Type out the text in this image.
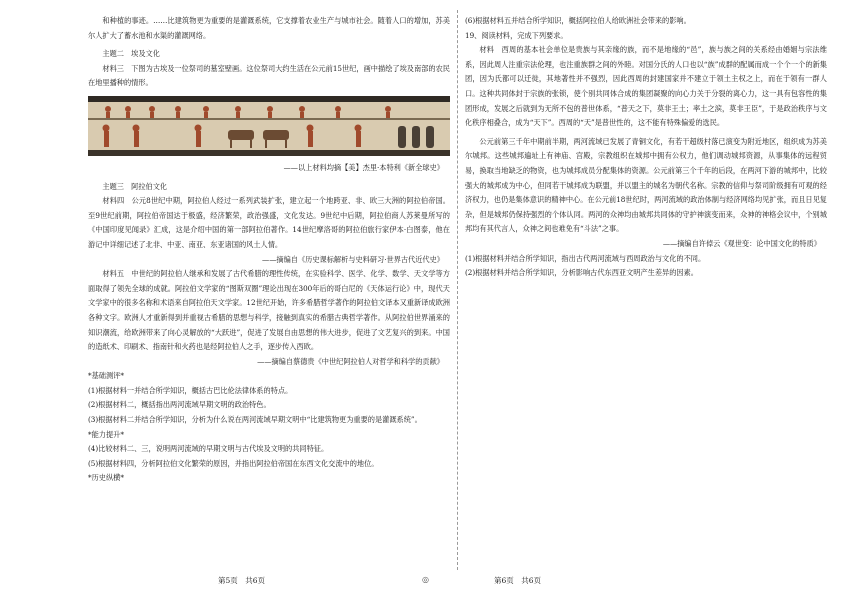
和种植的事迹。……比建筑物更为重要的是灌溉系统，它支撑着农业生产与城市社会。随着人口的增加，苏美尔人扩大了蓄水池和水渠的灌溉网络。

主题二　埃及文化

材料三　下图为古埃及一位祭司的墓室壁画。这位祭司大约生活在公元前15世纪，画中描绘了埃及南部的农民在地里播种的情形。

——以上材料均摘【美】杰里·本特利《新全球史》

主题三　阿拉伯文化

材料四　公元8世纪中期，阿拉伯人经过一系列武装扩张，建立起一个地跨亚、非、欧三大洲的阿拉伯帝国。至9世纪前期，阿拉伯帝国达于极盛，经济繁荣，政治强盛，文化发达。9世纪中后期，阿拉伯商人苏莱曼所写的《中国印度见闻录》汇成，这是介绍中国的第一部阿拉伯著作。14世纪摩洛哥的阿拉伯旅行家伊本·白图泰，他在游记中详细记述了北非、中亚、南亚、东亚诸国的风土人情。

——摘编自《历史课标解析与史料研习·世界古代近代史》

材料五　中世纪的阿拉伯人继承和发展了古代希腊的理性传统，在实验科学、医学、化学、数学、天文学等方面取得了领先全球的成就。阿拉伯文学家的“图斯双圈”理论出现在300年后的哥白尼的《天体运行论》中，现代天文学家中的很多名称和术语来自阿拉伯天文学家。12世纪开始，许多希腊哲学著作的阿拉伯文译本又重新译成欧洲各种文字。欧洲人才重新得到并重视古希腊的思想与科学，接触到真实的希腊古典哲学著作。从阿拉伯世界涌来的知识潮流，给欧洲带来了向心灵解放的“大跃进”，促进了发展自由思想的伟大进步，促进了文艺复兴的到来。中国的造纸术、印刷术、指南针和火药也是经阿拉伯人之手，逐步传入西欧。

——摘编自蔡德贵《中世纪阿拉伯人对哲学和科学的贡献》

*基础测评*

(1)根据材料一并结合所学知识，概括古巴比伦法律体系的特点。

(2)根据材料二，概括指出两河流域早期文明的政治特色。

(3)根据材料二并结合所学知识，分析为什么说在两河流域早期文明中“比建筑物更为重要的是灌溉系统”。

*能力提升*

(4)比较材料二、三，说明两河流域的早期文明与古代埃及文明的共同特征。

(5)根据材料四，分析阿拉伯文化繁荣的原因，并指出阿拉伯帝国在东西文化交流中的地位。

*历史纵横*

(6)根据材料五并结合所学知识，概括阿拉伯人给欧洲社会带来的影响。

19、阅读材料，完成下列要求。

材料　西周的基本社会单位是贵族与其亲缘的族，而不是地缘的“邑”，族与族之间的关系经由婚姻与宗法维系，因此周人注重宗法伦理，也注重族群之间的外睦。对国分氏的人口也以“族”成群的配属而成一个个一个的新集团，因为氏都可以迁徙，其地著性并不强烈，因此西周的封建国家并不建立于领土主权之上，而在于领有一群人口。这种共同体封于宗族的张锁，使个别共同体合成的集团凝聚的向心力关于分裂的离心力，这一具有包容性的集团形成，发展之后就到为无所不包的普世体系，“普天之下，莫非王土；率土之滨，莫非王臣”，于是政治秩序与文化秩序相叠合，成为“天下”。西周的“天”是普世性的，这不能有特殊偏爱的选民。

公元前第三千年中期前半期，两河流域已发展了青铜文化，有若干超级村落已演变为附近地区，组织成为苏美尔城邦。这些城邦遍址上有神庙、宫殿，宗教组织在城邦中拥有公权力，他们调动城邦资源，从事集体的远程贸易，换取当地缺乏的物资，也为城邦成员分配集体的资源。公元前第三个千年的后段，在两河下游的城邦中，比较强大的城邦成为中心，但同若干城邦成为联盟，并以盟主的城名为朝代名称。宗教的信仰与祭司阶级拥有可观的经济权力，也仍是集体意识的精神中心。在公元前18世纪时，两河流域的政治体制与经济网络均见扩张，而且日见复杂，但是城邦仍保持强烈的个体认同。两河的众神均由城邦共同体的守护神演变而来，众神的神格会议中，个别城邦均有其代言人，众神之间也难免有“斗法”之事。

——摘编自许倬云《观世变：论中国文化的特质》

(1)根据材料并结合所学知识，指出古代两河流域与西周政治与文化的不同。

(2)根据材料并结合所学知识，分析影响古代东西亚文明产生差异的因素。

第5页　共6页	◎	第6页　共6页
